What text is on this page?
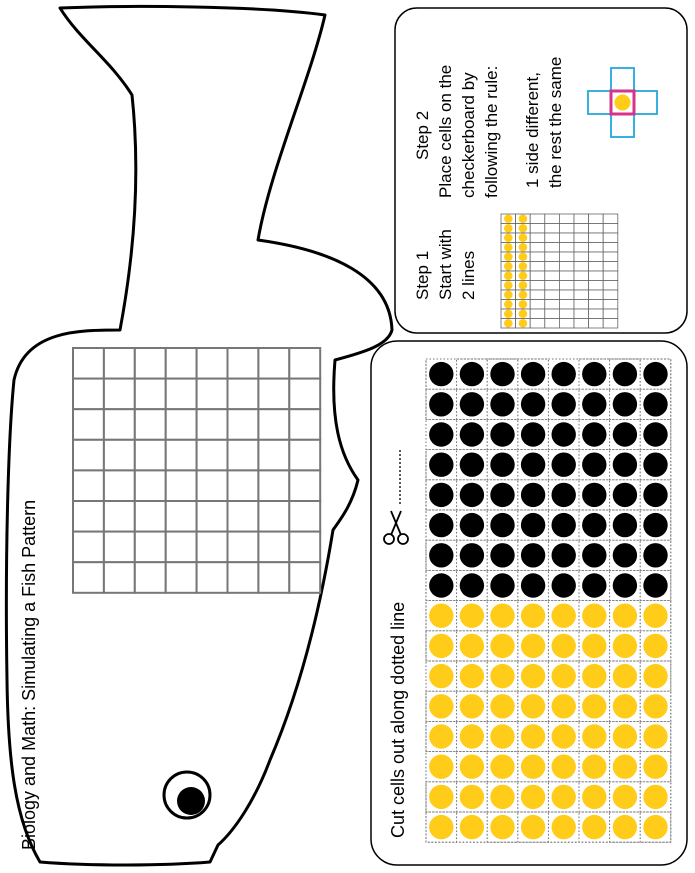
Biology and Math: Simulating a Fish Pattern
Step 1 Start with 2 lines
Step 2 Place cells on the checkerboard by following the rule: 1 side different, the rest the same
Cut cells out along dotted line
